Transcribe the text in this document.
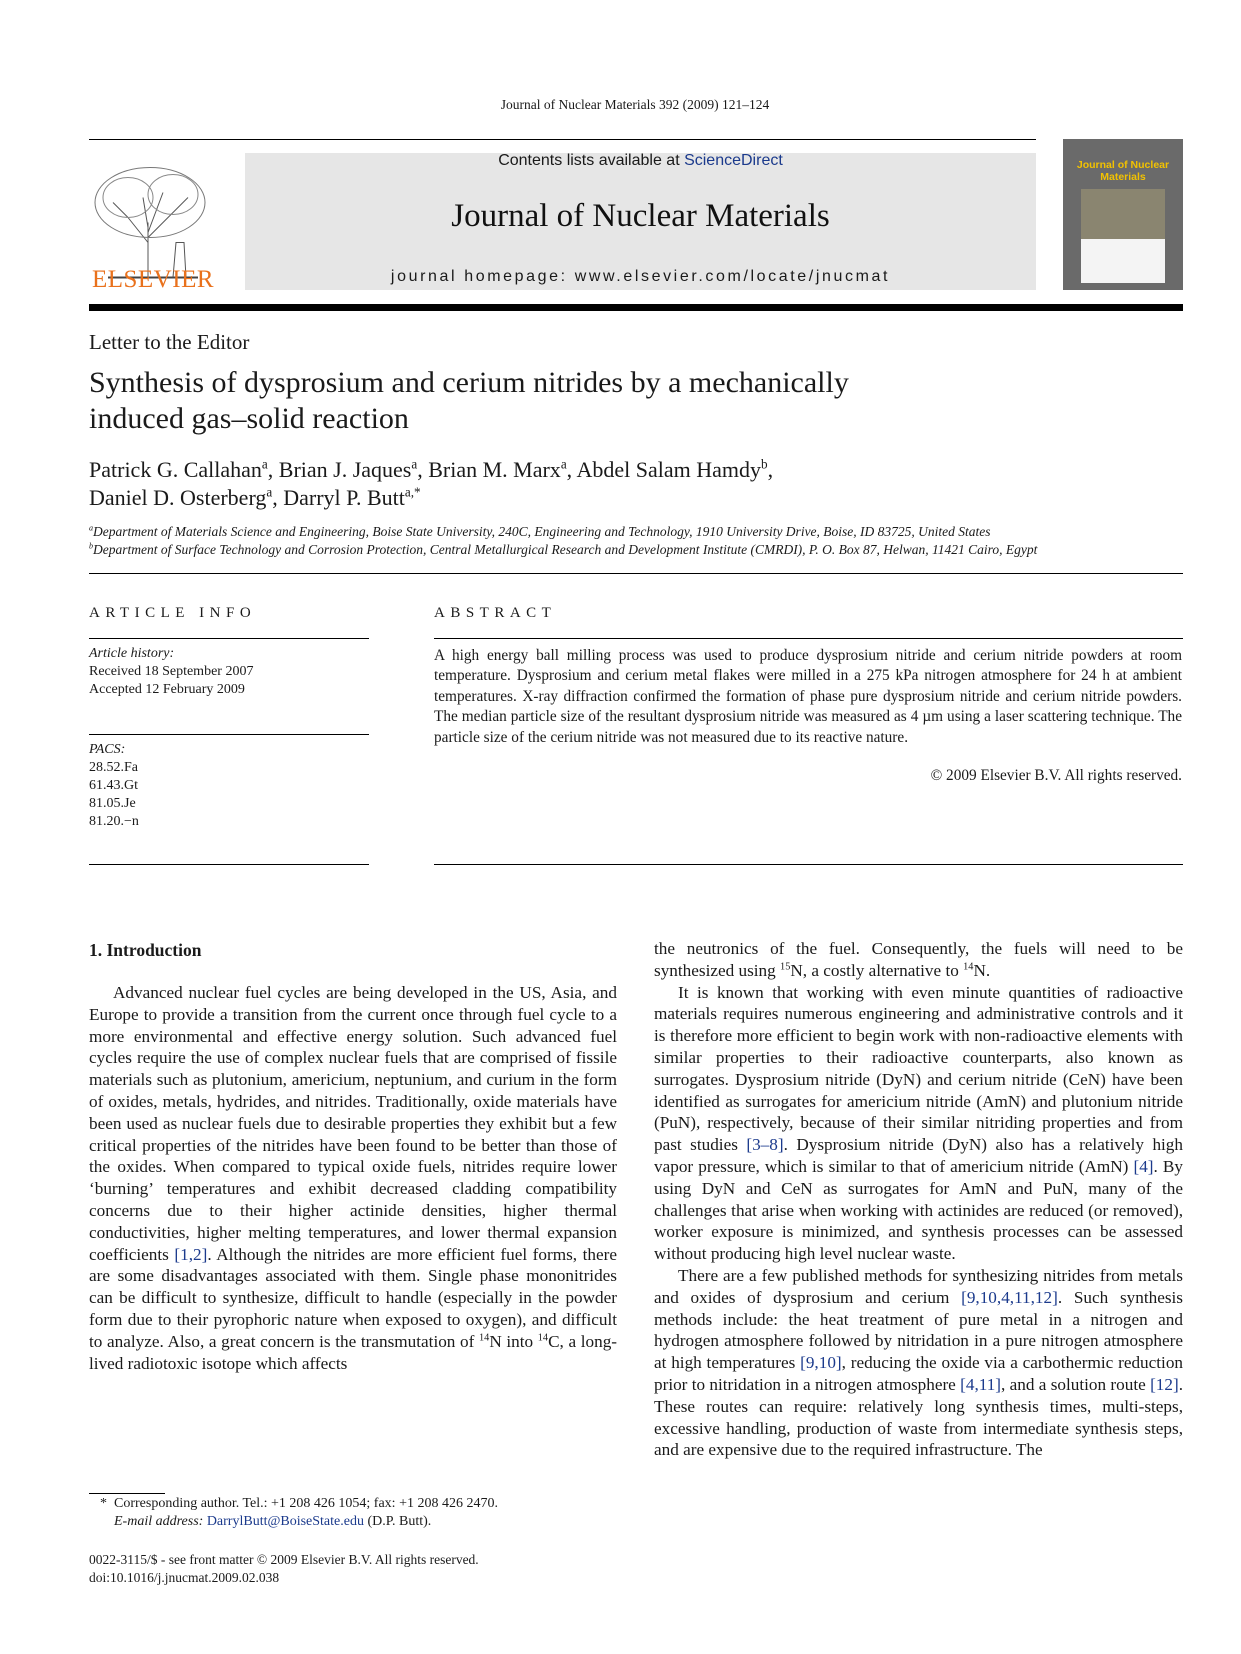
Journal of Nuclear Materials 392 (2009) 121–124
ELSEVIER
Contents lists available at ScienceDirect
Journal of Nuclear Materials
journal homepage: www.elsevier.com/locate/jnucmat
Journal of Nuclear Materials
Letter to the Editor
Synthesis of dysprosium and cerium nitrides by a mechanically
induced gas–solid reaction
Patrick G. Callahan$^a$, Brian J. Jaques$^a$, Brian M. Marx$^a$, Abdel Salam Hamdy$^b$,
Daniel D. Osterberg$^a$, Darryl P. Butt$^{a,*}$
$^a$Department of Materials Science and Engineering, Boise State University, 240C, Engineering and Technology, 1910 University Drive, Boise, ID 83725, United States
$^b$Department of Surface Technology and Corrosion Protection, Central Metallurgical Research and Development Institute (CMRDI), P. O. Box 87, Helwan, 11421 Cairo, Egypt
ARTICLE INFO
Article history:
Received 18 September 2007
Accepted 12 February 2009
PACS:
28.52.Fa
61.43.Gt
81.05.Je
81.20.−n
ABSTRACT
A high energy ball milling process was used to produce dysprosium nitride and cerium nitride powders at room temperature. Dysprosium and cerium metal flakes were milled in a 275 kPa nitrogen atmosphere for 24 h at ambient temperatures. X-ray diffraction confirmed the formation of phase pure dysprosium nitride and cerium nitride powders. The median particle size of the resultant dysprosium nitride was measured as 4 µm using a laser scattering technique. The particle size of the cerium nitride was not measured due to its reactive nature.
© 2009 Elsevier B.V. All rights reserved.
1. Introduction

Advanced nuclear fuel cycles are being developed in the US, Asia, and Europe to provide a transition from the current once through fuel cycle to a more environmental and effective energy solution. Such advanced fuel cycles require the use of complex nuclear fuels that are comprised of fissile materials such as plutonium, americium, neptunium, and curium in the form of oxides, metals, hydrides, and nitrides. Traditionally, oxide materials have been used as nuclear fuels due to desirable properties they exhibit but a few critical properties of the nitrides have been found to be better than those of the oxides. When compared to typical oxide fuels, nitrides require lower ‘burning’ temperatures and exhibit decreased cladding compatibility concerns due to their higher actinide densities, higher thermal conductivities, higher melting temperatures, and lower thermal expansion coefficients [1,2]. Although the nitrides are more efficient fuel forms, there are some disadvantages associated with them. Single phase mononitrides can be difficult to synthesize, difficult to handle (especially in the powder form due to their pyrophoric nature when exposed to oxygen), and difficult to analyze. Also, a great concern is the transmutation of $^{14}$N into $^{14}$C, a long-lived radiotoxic isotope which affects

the neutronics of the fuel. Consequently, the fuels will need to be synthesized using $^{15}$N, a costly alternative to $^{14}$N.

It is known that working with even minute quantities of radioactive materials requires numerous engineering and administrative controls and it is therefore more efficient to begin work with non-radioactive elements with similar properties to their radioactive counterparts, also known as surrogates. Dysprosium nitride (DyN) and cerium nitride (CeN) have been identified as surrogates for americium nitride (AmN) and plutonium nitride (PuN), respectively, because of their similar nitriding properties and from past studies [3–8]. Dysprosium nitride (DyN) also has a relatively high vapor pressure, which is similar to that of americium nitride (AmN) [4]. By using DyN and CeN as surrogates for AmN and PuN, many of the challenges that arise when working with actinides are reduced (or removed), worker exposure is minimized, and synthesis processes can be assessed without producing high level nuclear waste.

There are a few published methods for synthesizing nitrides from metals and oxides of dysprosium and cerium [9,10,4,11,12]. Such synthesis methods include: the heat treatment of pure metal in a nitrogen and hydrogen atmosphere followed by nitridation in a pure nitrogen atmosphere at high temperatures [9,10], reducing the oxide via a carbothermic reduction prior to nitridation in a nitrogen atmosphere [4,11], and a solution route [12]. These routes can require: relatively long synthesis times, multi-steps, excessive handling, production of waste from intermediate synthesis steps, and are expensive due to the required infrastructure. The

* Corresponding author. Tel.: +1 208 426 1054; fax: +1 208 426 2470.
E-mail address: DarrylButt@BoiseState.edu (D.P. Butt).
0022-3115/$ - see front matter © 2009 Elsevier B.V. All rights reserved.
doi:10.1016/j.jnucmat.2009.02.038
